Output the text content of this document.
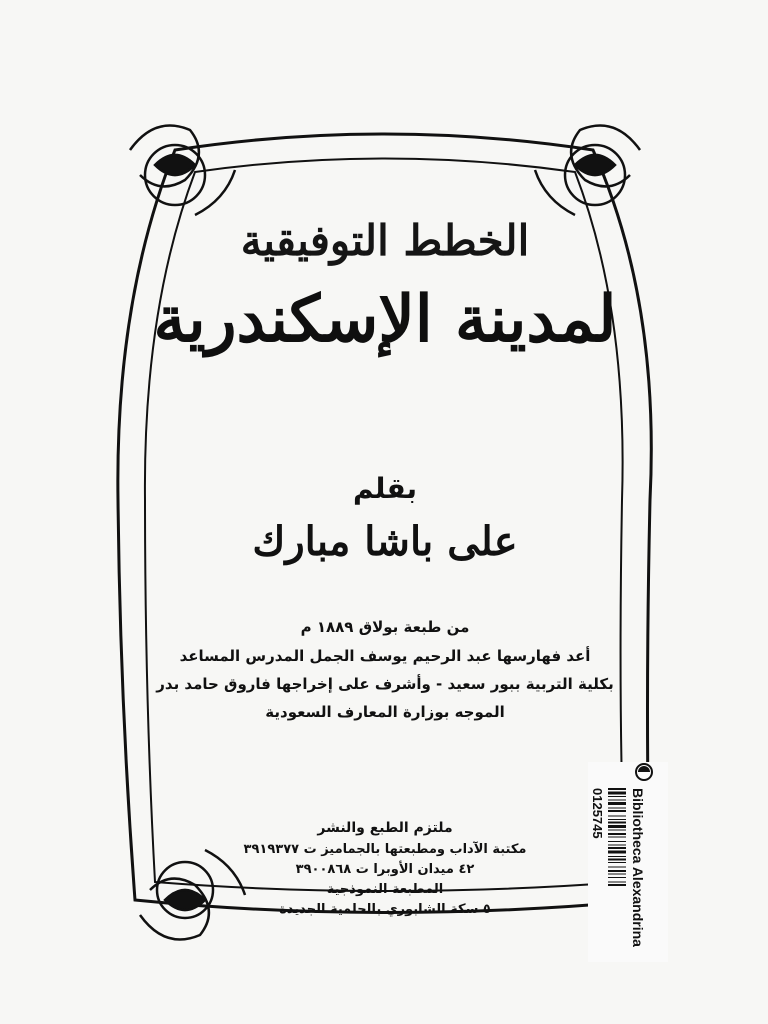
الخطط التوفيقية
لمدينة الإسكندرية
بقلم
على باشا مبارك
من طبعة بولاق ١٨٨٩ م
أعد فهارسها عبد الرحيم يوسف الجمل المدرس المساعد
بكلية التربية ببور سعيد - وأشرف على إخراجها فاروق حامد بدر
الموجه بوزارة المعارف السعودية
ملتزم الطبع والنشر
مكتبة الآداب ومطبعتها بالجماميز ت ٣٩١٩٣٧٧
٤٢ ميدان الأوبرا ت ٣٩٠٠٨٦٨
المطبعة النموذجية
٥ سكة الشابوري بالحلمية الجديدة	Bibliotheca Alexandrina
0125745
